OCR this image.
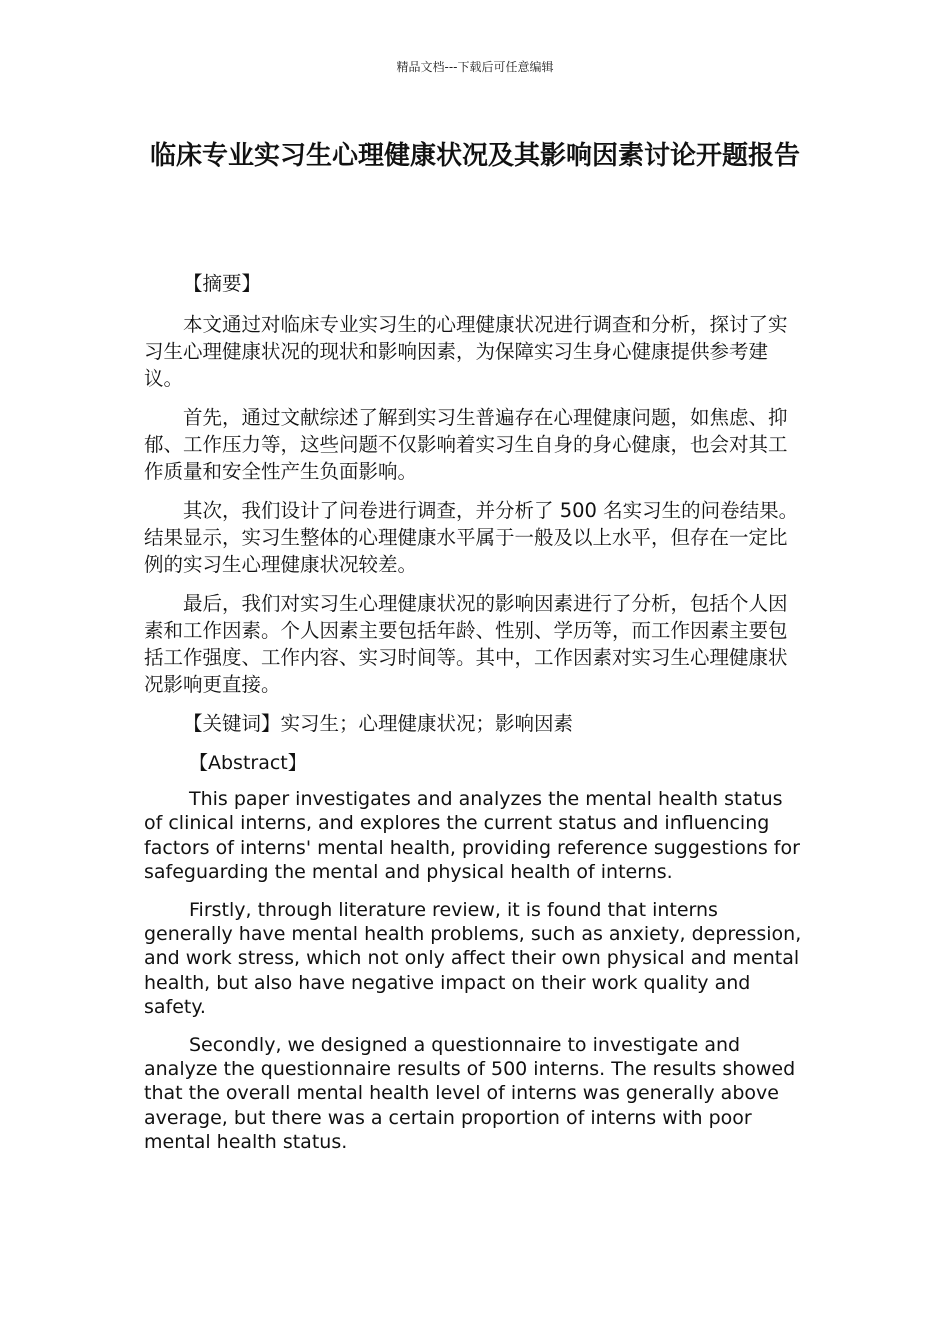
精品文档---下载后可任意编辑
临床专业实习生心理健康状况及其影响因素讨论开题报告

【摘要】

本文通过对临床专业实习生的心理健康状况进行调查和分析，探讨了实习生心理健康状况的现状和影响因素，为保障实习生身心健康提供参考建议。

首先，通过文献综述了解到实习生普遍存在心理健康问题，如焦虑、抑郁、工作压力等，这些问题不仅影响着实习生自身的身心健康，也会对其工作质量和安全性产生负面影响。

其次，我们设计了问卷进行调查，并分析了 500 名实习生的问卷结果。结果显示，实习生整体的心理健康水平属于一般及以上水平，但存在一定比例的实习生心理健康状况较差。

最后，我们对实习生心理健康状况的影响因素进行了分析，包括个人因素和工作因素。个人因素主要包括年龄、性别、学历等，而工作因素主要包括工作强度、工作内容、实习时间等。其中，工作因素对实习生心理健康状况影响更直接。

【关键词】实习生；心理健康状况；影响因素

【Abstract】

This paper investigates and analyzes the mental health status of clinical interns, and explores the current status and influencing factors of interns' mental health, providing reference suggestions for safeguarding the mental and physical health of interns.

Firstly, through literature review, it is found that interns generally have mental health problems, such as anxiety, depression, and work stress, which not only affect their own physical and mental health, but also have negative impact on their work quality and safety.

Secondly, we designed a questionnaire to investigate and analyze the questionnaire results of 500 interns. The results showed that the overall mental health level of interns was generally above average, but there was a certain proportion of interns with poor mental health status.
